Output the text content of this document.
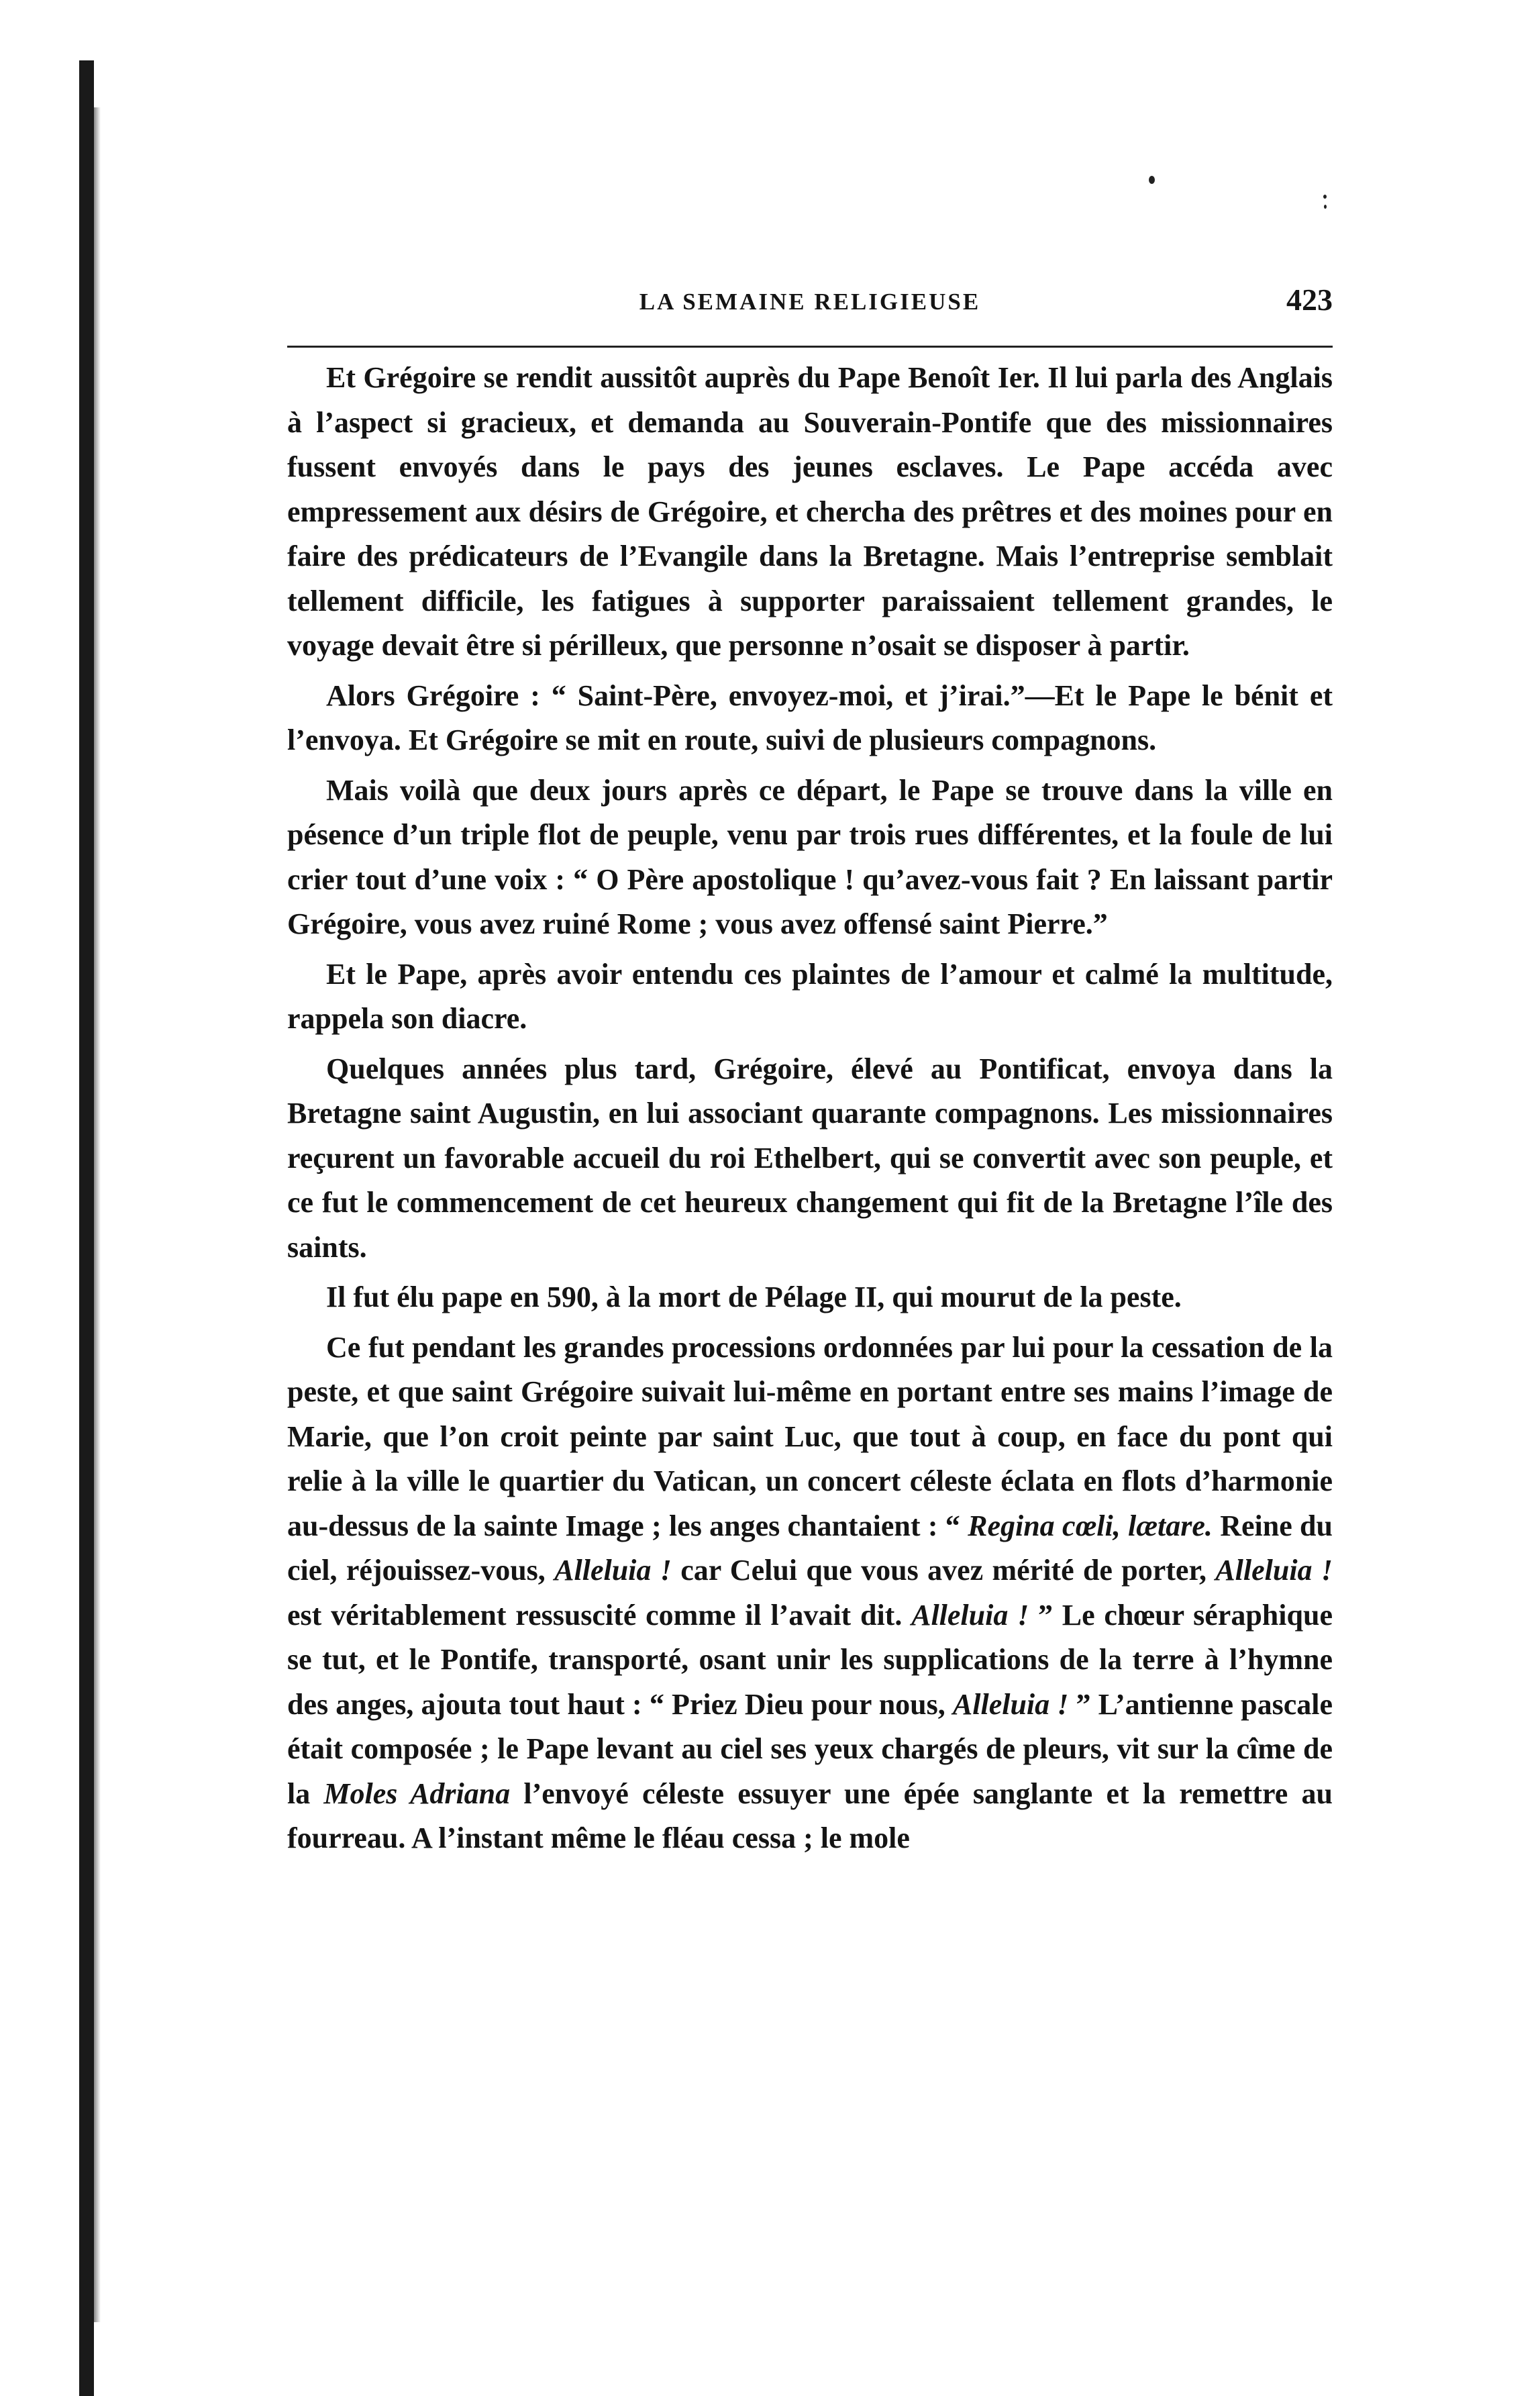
LA SEMAINE RELIGIEUSE	423

Et Grégoire se rendit aussitôt auprès du Pape Benoît Ier. Il lui parla des Anglais à l’aspect si gracieux, et demanda au Souverain-Pontife que des missionnaires fussent envoyés dans le pays des jeunes esclaves. Le Pape accéda avec empressement aux désirs de Grégoire, et chercha des prêtres et des moines pour en faire des prédicateurs de l’Evangile dans la Bretagne. Mais l’entreprise semblait tellement difficile, les fatigues à supporter paraissaient tellement grandes, le voyage devait être si périlleux, que personne n’osait se disposer à partir.

Alors Grégoire : “ Saint-Père, envoyez-moi, et j’irai.”—Et le Pape le bénit et l’envoya. Et Grégoire se mit en route, suivi de plusieurs compagnons.

Mais voilà que deux jours après ce départ, le Pape se trouve dans la ville en pésence d’un triple flot de peuple, venu par trois rues différentes, et la foule de lui crier tout d’une voix : “ O Père apostolique ! qu’avez-vous fait ? En laissant partir Grégoire, vous avez ruiné Rome ; vous avez offensé saint Pierre.”

Et le Pape, après avoir entendu ces plaintes de l’amour et calmé la multitude, rappela son diacre.

Quelques années plus tard, Grégoire, élevé au Pontificat, envoya dans la Bretagne saint Augustin, en lui associant quarante compagnons. Les missionnaires reçurent un favorable accueil du roi Ethelbert, qui se convertit avec son peuple, et ce fut le commencement de cet heureux changement qui fit de la Bretagne l’île des saints.

Il fut élu pape en 590, à la mort de Pélage II, qui mourut de la peste.

Ce fut pendant les grandes processions ordonnées par lui pour la cessation de la peste, et que saint Grégoire suivait lui-même en portant entre ses mains l’image de Marie, que l’on croit peinte par saint Luc, que tout à coup, en face du pont qui relie à la ville le quartier du Vatican, un concert céleste éclata en flots d’harmonie au-dessus de la sainte Image ; les anges chantaient : “ Regina cœli, lætare. Reine du ciel, réjouissez-vous, Alleluia ! car Celui que vous avez mérité de porter, Alleluia ! est véritablement ressuscité comme il l’avait dit. Alleluia ! ” Le chœur séraphique se tut, et le Pontife, transporté, osant unir les supplications de la terre à l’hymne des anges, ajouta tout haut : “ Priez Dieu pour nous, Alleluia ! ” L’antienne pascale était composée ; le Pape levant au ciel ses yeux chargés de pleurs, vit sur la cîme de la Moles Adriana l’envoyé céleste essuyer une épée sanglante et la remettre au fourreau. A l’instant même le fléau cessa ; le mole
